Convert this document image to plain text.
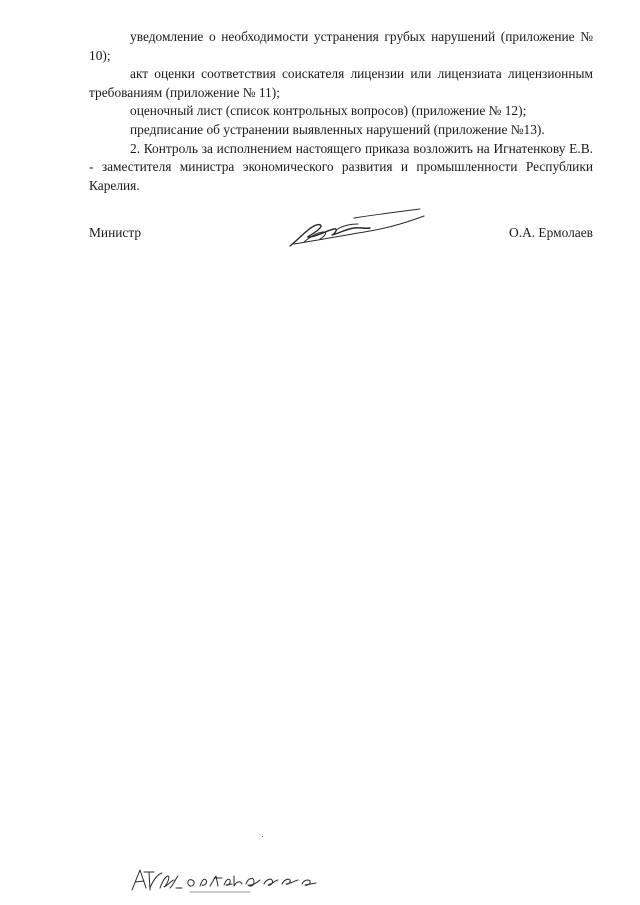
уведомление о необходимости устранения грубых нарушений (приложение № 10);

акт оценки соответствия соискателя лицензии или лицензиата лицензионным требованиям (приложение № 11);

оценочный лист (список контрольных вопросов) (приложение № 12);

предписание об устранении выявленных нарушений (приложение №13).

2. Контроль за исполнением настоящего приказа возложить на Игнатенкову Е.В. - заместителя министра экономического развития и промышленности Республики Карелия.

Министр	О.А. Ермолаев
